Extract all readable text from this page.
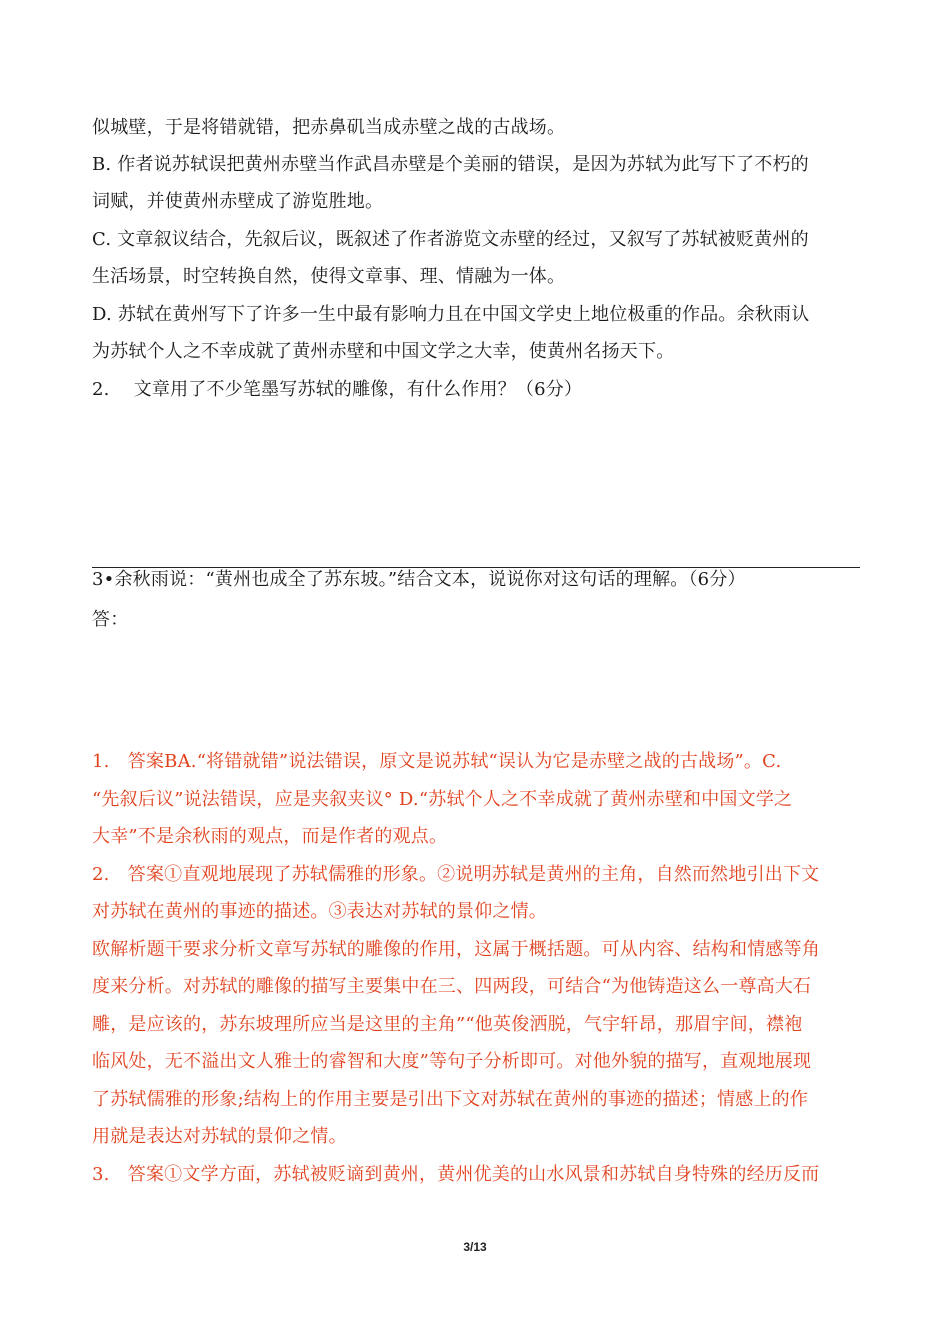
似城壁，于是将错就错，把赤鼻矶当成赤壁之战的古战场。
B. 作者说苏轼误把黄州赤壁当作武昌赤壁是个美丽的错误，是因为苏轼为此写下了不朽的
词赋，并使黄州赤壁成了游览胜地。
C. 文章叙议结合，先叙后议，既叙述了作者游览文赤壁的经过，又叙写了苏轼被贬黄州的
生活场景，时空转换自然，使得文章事、理、情融为一体。
D. 苏轼在黄州写下了许多一生中最有影响力且在中国文学史上地位极重的作品。余秋雨认
为苏轼个人之不幸成就了黄州赤壁和中国文学之大幸，使黄州名扬天下。
2.　 文章用了不少笔墨写苏轼的雕像，有什么作用？（6分）
3•余秋雨说：“黄州也成全了苏东坡。”结合文本，说说你对这句话的理解。（6分）
答：
1.　答案BA.“将错就错”说法错误，原文是说苏轼“误认为它是赤壁之战的古战场”。C.
“先叙后议”说法错误，应是夹叙夹议° D.“苏轼个人之不幸成就了黄州赤壁和中国文学之
大幸”不是余秋雨的观点，而是作者的观点。
2.　答案①直观地展现了苏轼儒雅的形象。②说明苏轼是黄州的主角，自然而然地引出下文
对苏轼在黄州的事迹的描述。③表达对苏轼的景仰之情。
欧解析题干要求分析文章写苏轼的雕像的作用，这属于概括题。可从内容、结构和情感等角
度来分析。对苏轼的雕像的描写主要集中在三、四两段，可结合“为他铸造这么一尊高大石
雕，是应该的，苏东坡理所应当是这里的主角”“他英俊洒脱，气宇轩昂，那眉宇间，襟袍
临风处，无不溢出文人雅士的睿智和大度”等句子分析即可。对他外貌的描写，直观地展现
了苏轼儒雅的形象;结构上的作用主要是引出下文对苏轼在黄州的事迹的描述；情感上的作
用就是表达对苏轼的景仰之情。
3.　答案①文学方面，苏轼被贬谪到黄州，黄州优美的山水风景和苏轼自身特殊的经历反而
3/13
